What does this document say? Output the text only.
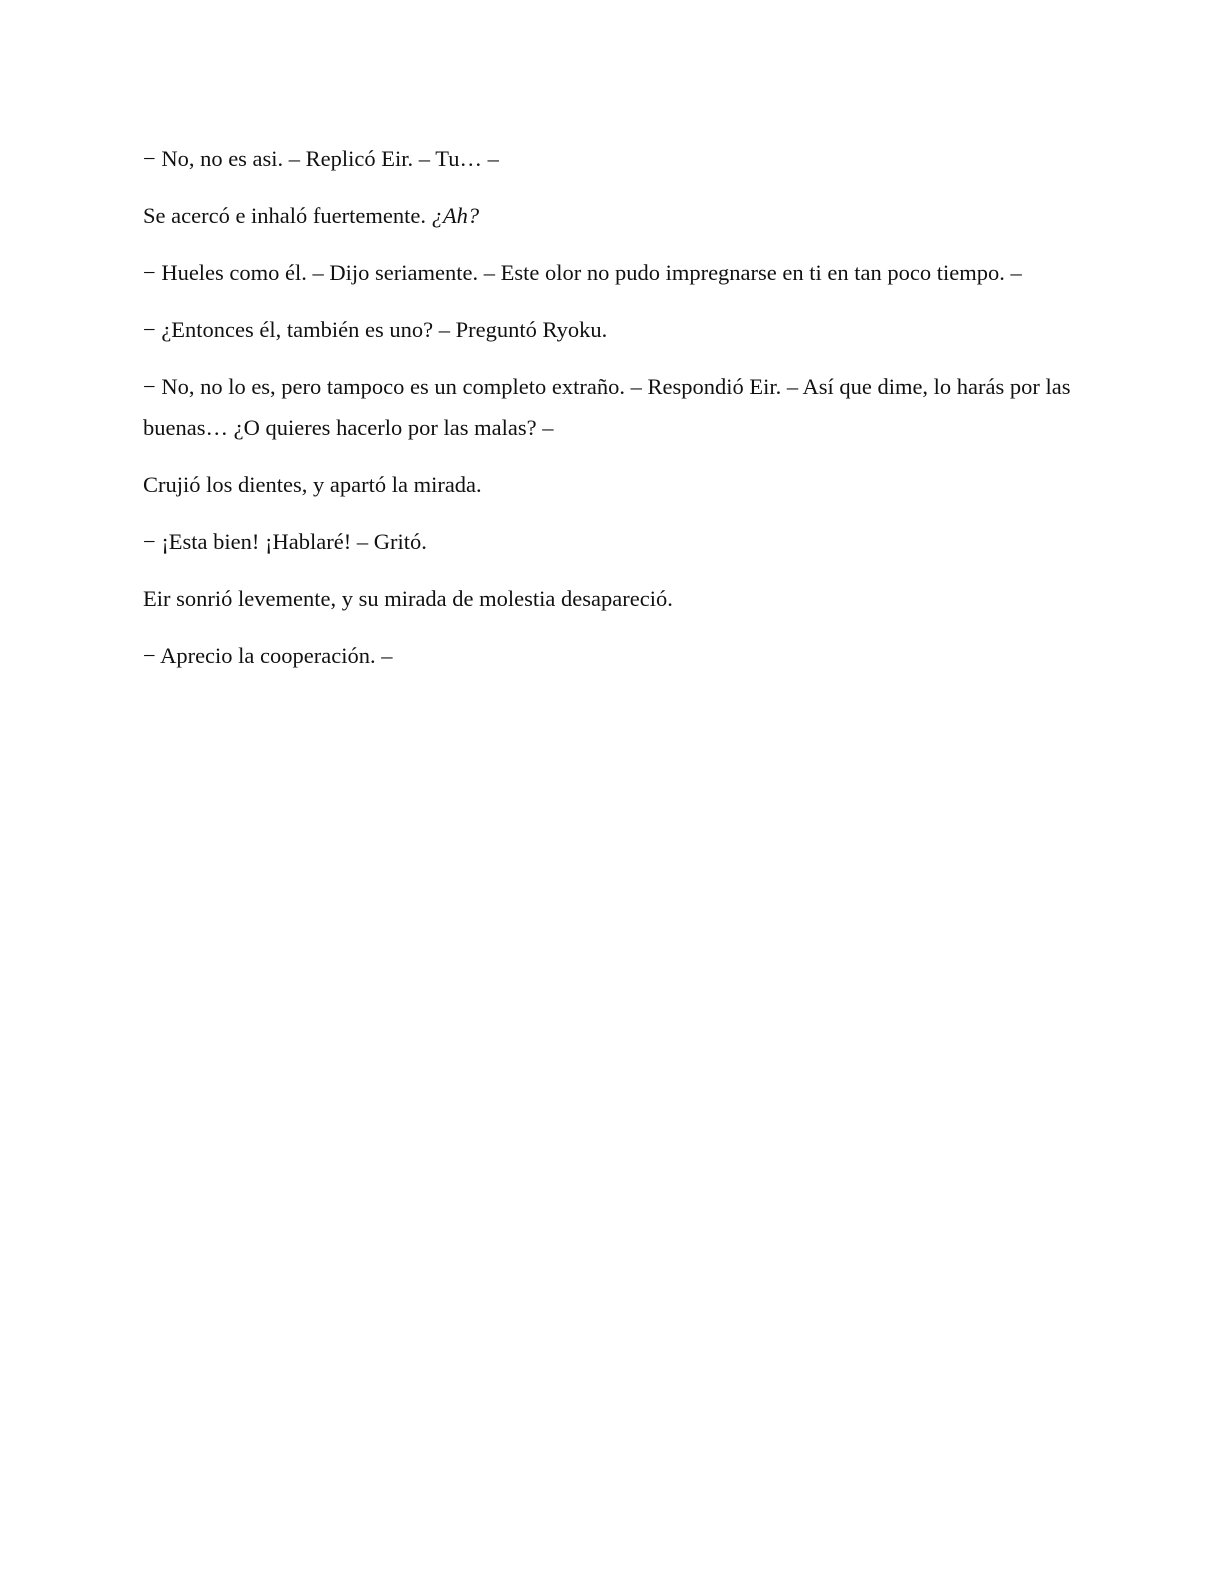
− No, no es asi. – Replicó Eir. – Tu… –

Se acercó e inhaló fuertemente. ¿Ah?

− Hueles como él. – Dijo seriamente. – Este olor no pudo impregnarse en ti en tan poco tiempo. –

− ¿Entonces él, también es uno? – Preguntó Ryoku.

− No, no lo es, pero tampoco es un completo extraño. – Respondió Eir. – Así que dime, lo harás por las buenas… ¿O quieres hacerlo por las malas? –

Crujió los dientes, y apartó la mirada.

− ¡Esta bien! ¡Hablaré! – Gritó.

Eir sonrió levemente, y su mirada de molestia desapareció.

− Aprecio la cooperación. –
